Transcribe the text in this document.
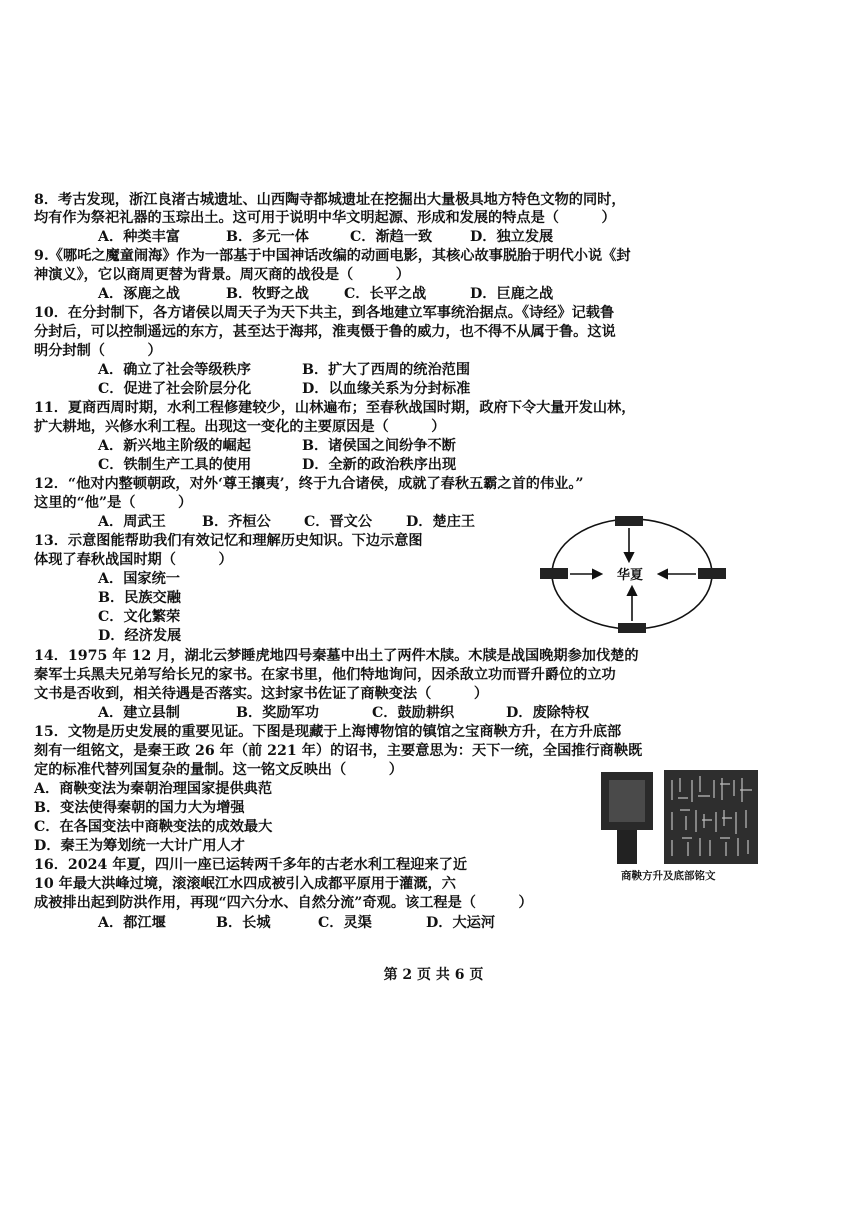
8．考古发现，浙江良渚古城遗址、山西陶寺都城遗址在挖掘出大量极具地方特色文物的同时，
均有作为祭祀礼器的玉琮出土。这可用于说明中华文明起源、形成和发展的特点是（　　　）
A．种类丰富	B．多元一体	C．渐趋一致	D．独立发展
9.《哪吒之魔童闹海》作为一部基于中国神话改编的动画电影，其核心故事脱胎于明代小说《封
神演义》，它以商周更替为背景。周灭商的战役是（　　　）
A．涿鹿之战	B．牧野之战 C．长平之战	D．巨鹿之战
10．在分封制下，各方诸侯以周天子为天下共主，到各地建立军事统治据点。《诗经》记载鲁
分封后，可以控制遥远的东方，甚至达于海邦，淮夷慑于鲁的威力，也不得不从属于鲁。这说
明分封制（　　　）
A．确立了社会等级秩序	B．扩大了西周的统治范围
C．促进了社会阶层分化	D．以血缘关系为分封标准
11．夏商西周时期，水利工程修建较少，山林遍布；至春秋战国时期，政府下令大量开发山林，
扩大耕地，兴修水利工程。出现这一变化的主要原因是（　　　）
A．新兴地主阶级的崛起	B．诸侯国之间纷争不断
C．铁制生产工具的使用	D．全新的政治秩序出现
12．“他对内整顿朝政，对外‘尊王攘夷’，终于九合诸侯，成就了春秋五霸之首的伟业。”
这里的“他”是（　　　）
A．周武王	B．齐桓公 C．晋文公 D．楚庄王
13．示意图能帮助我们有效记忆和理解历史知识。下边示意图
体现了春秋战国时期（　　　）
A．国家统一
B．民族交融
C．文化繁荣
D．经济发展
华夏
14．1975 年 12 月，湖北云梦睡虎地四号秦墓中出土了两件木牍。木牍是战国晚期参加伐楚的
秦军士兵黑夫兄弟写给长兄的家书。在家书里，他们特地询问，因杀敌立功而晋升爵位的立功
文书是否收到，相关待遇是否落实。这封家书佐证了商鞅变法（　　　）
A．建立县制	B．奖励军功	C．鼓励耕织	D．废除特权
15．文物是历史发展的重要见证。下图是现藏于上海博物馆的镇馆之宝商鞅方升，在方升底部
刻有一组铭文，是秦王政 26 年（前 221 年）的诏书，主要意思为：天下一统，全国推行商鞅既
定的标准代替列国复杂的量制。这一铭文反映出（　　　）
A．商鞅变法为秦朝治理国家提供典范
B．变法使得秦朝的国力大为增强
C．在各国变法中商鞅变法的成效最大
D．秦王为筹划统一大计广用人才
商鞅方升及底部铭文
16．2024 年夏，四川一座已运转两千多年的古老水利工程迎来了近
10 年最大洪峰过境，滚滚岷江水四成被引入成都平原用于灌溉，六
成被排出起到防洪作用，再现“四六分水、自然分流”奇观。该工程是（　　　）
A．都江堰	B．长城	C．灵渠	D．大运河
第 2 页 共 6 页
